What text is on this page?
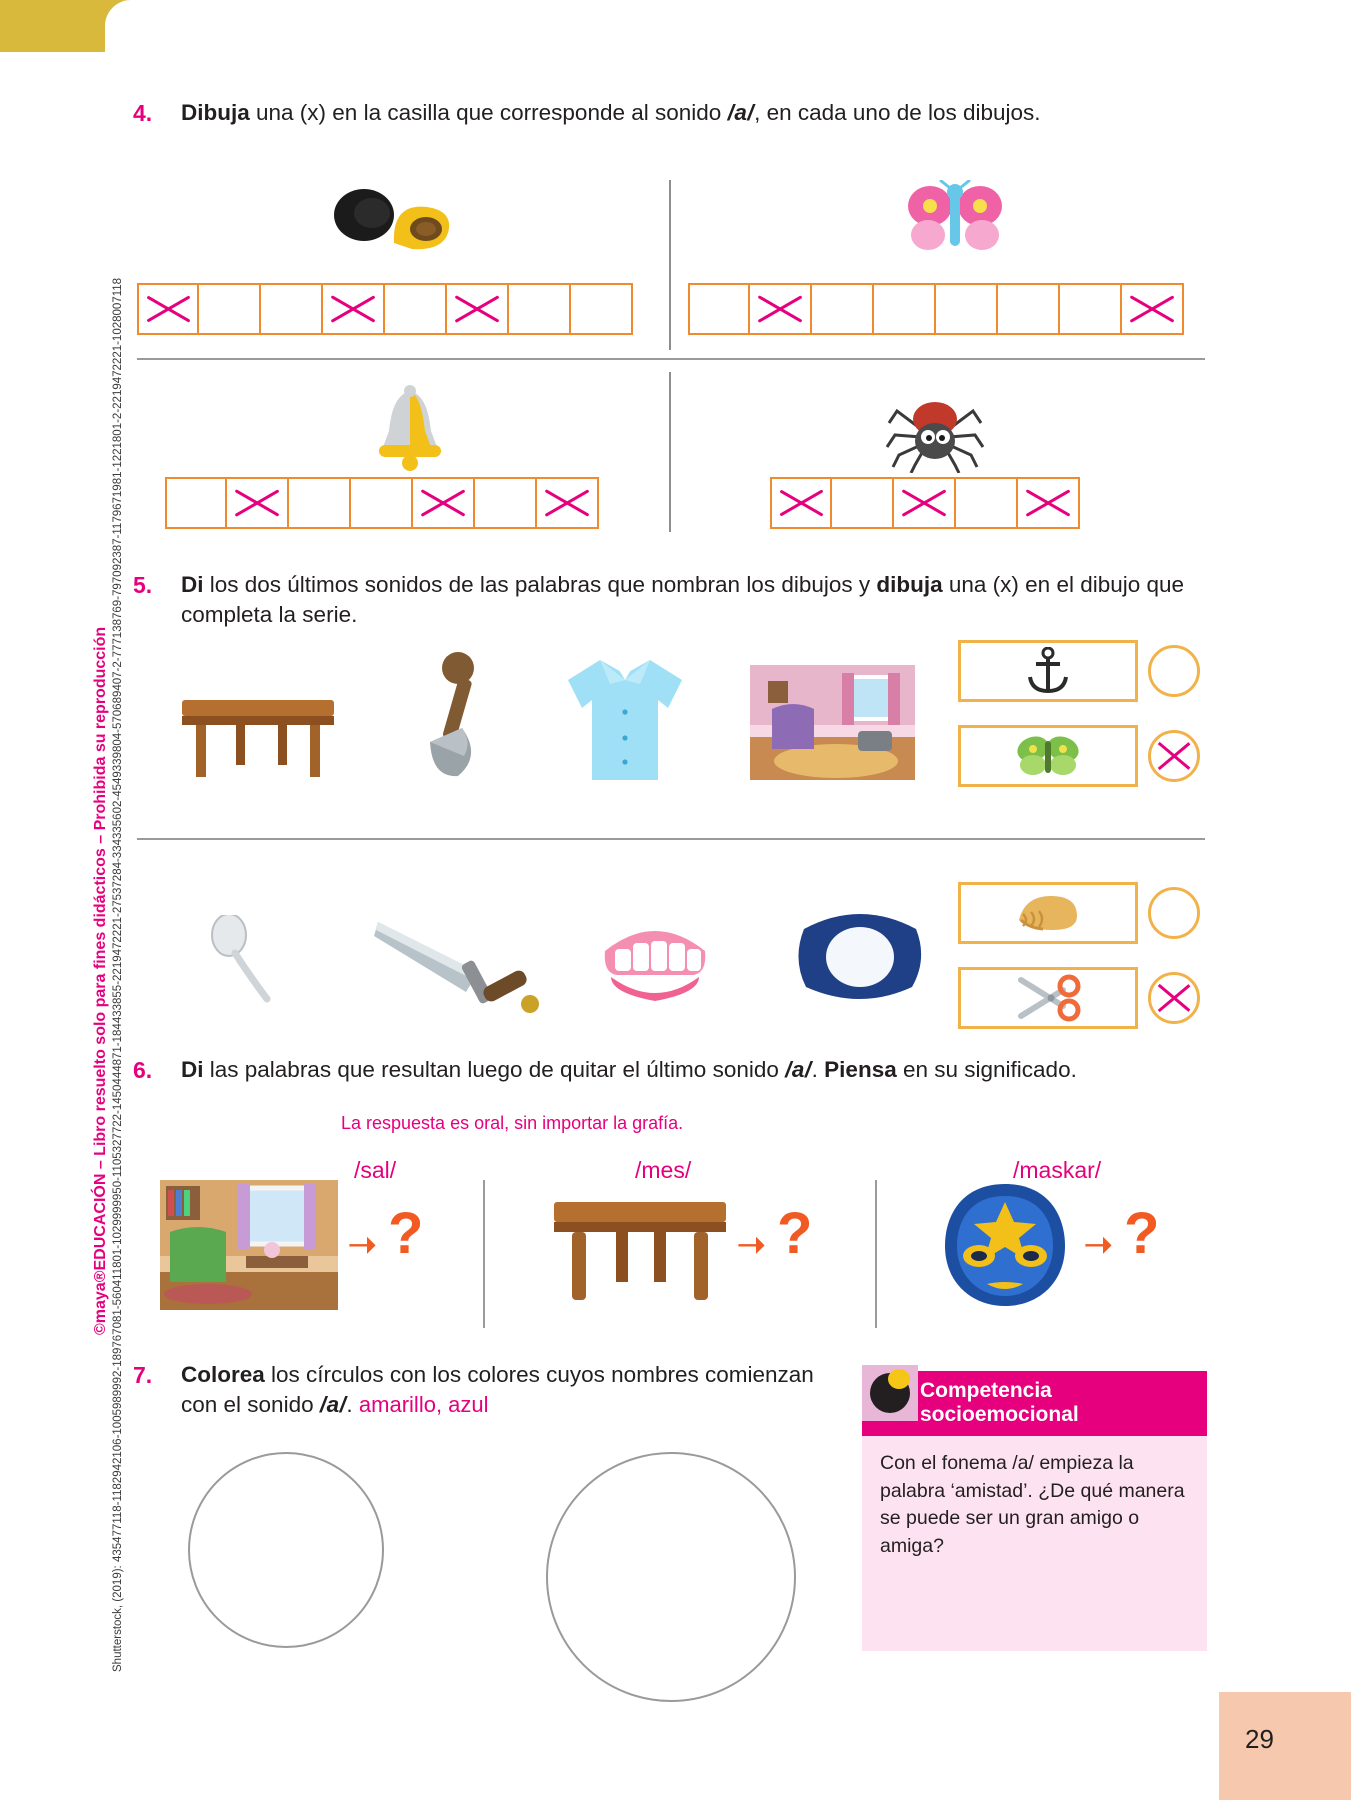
Shutterstock, (2019): 435477118-1182942106-1005989992-189767081-560411801-1029999950-1105327722-1450444871-184433855-2219472221-27537284-334335602-4549339804-570689407-2-777138769-797092387-1179671981-1221801-2-2219472221-1028007118
©maya®EDUCACIÓN – Libro resuelto solo para fines didácticos – Prohibida su reproducción
4. Dibuja una (x) en la casilla que corresponde al sonido /a/, en cada uno de los dibujos.
5. Di los dos últimos sonidos de las palabras que nombran los dibujos y dibuja una (x) en el dibujo que completa la serie.
6. Di las palabras que resultan luego de quitar el último sonido /a/. Piensa en su significado.
La respuesta es oral, sin importar la grafía.
/sal/	/mes/	/maskar/
➝ ?	➝ ?	➝ ?
7. Colorea los círculos con los colores cuyos nombres comienzan con el sonido /a/. amarillo, azul
Competencia
socioemocional
Con el fonema /a/ empieza la palabra ‘amistad’. ¿De qué manera se puede ser un gran amigo o amiga?
29
